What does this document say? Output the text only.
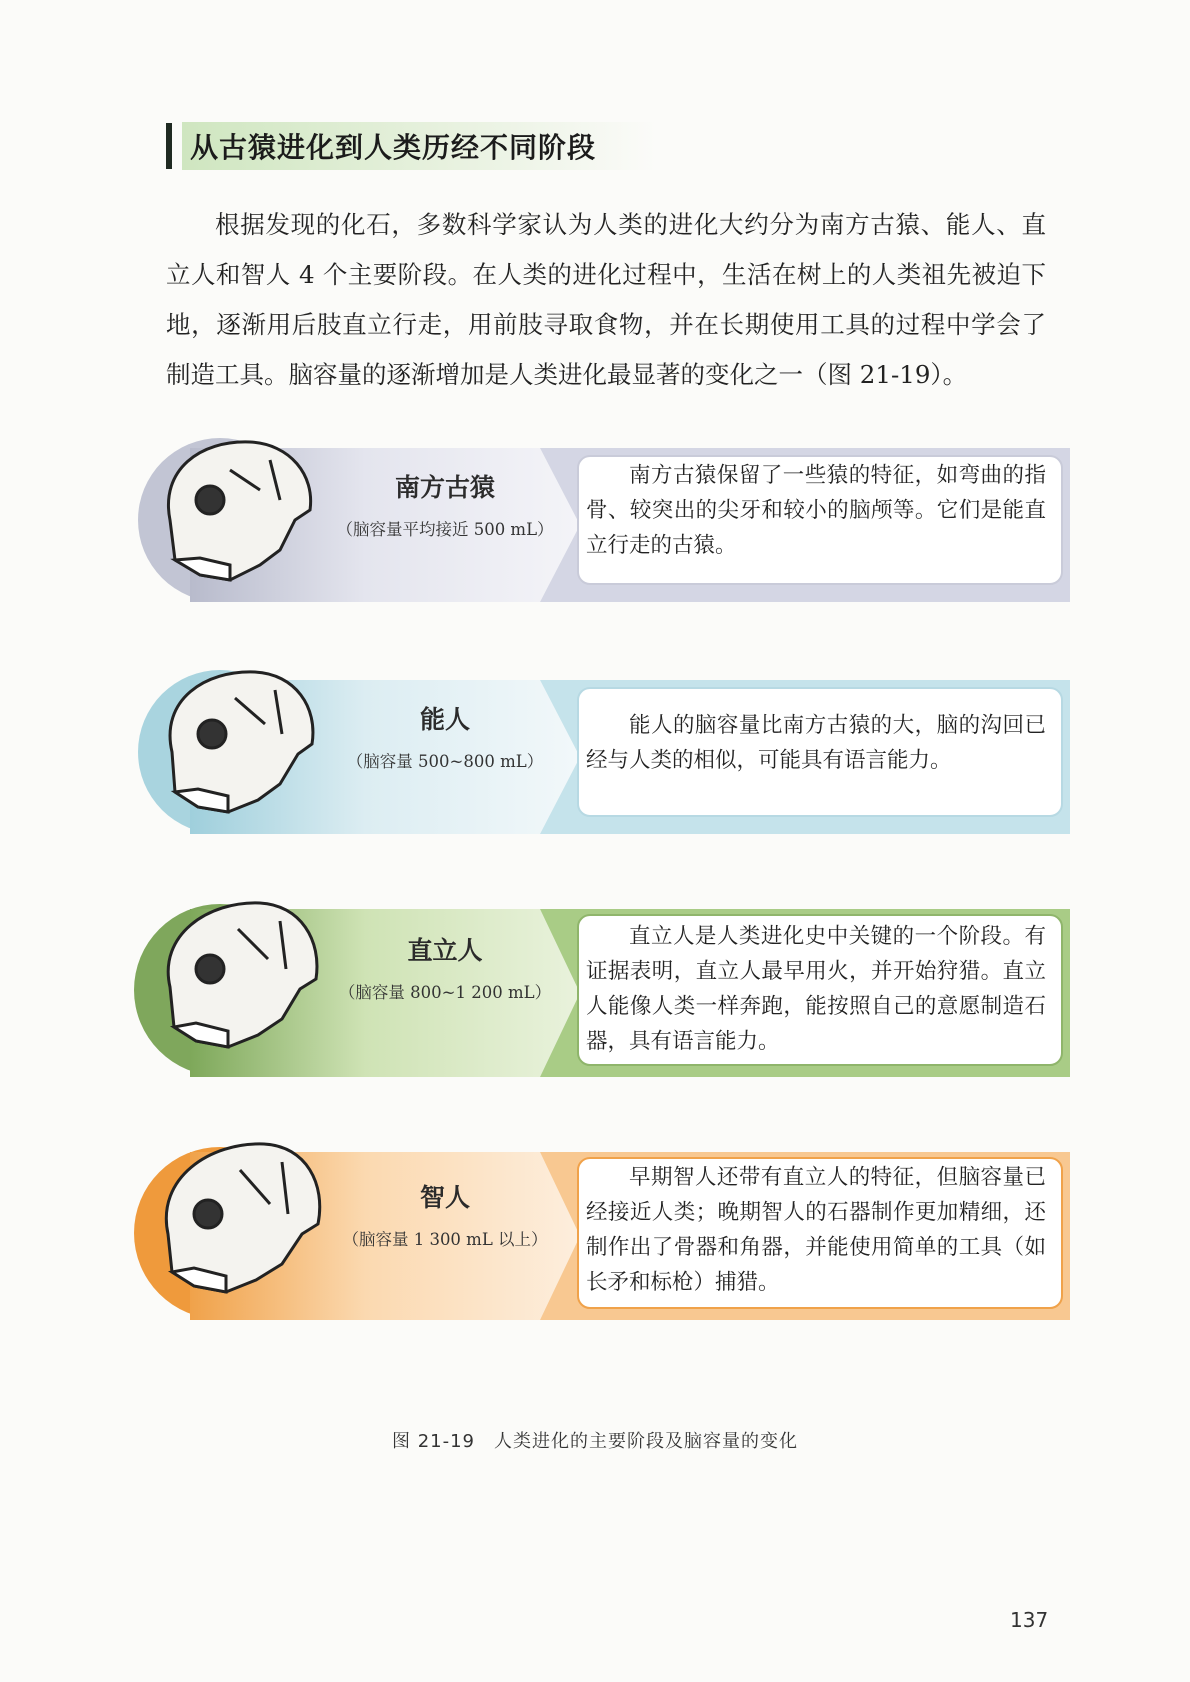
从古猿进化到人类历经不同阶段
根据发现的化石，多数科学家认为人类的进化大约分为南方古猿、能人、直立人和智人 4 个主要阶段。在人类的进化过程中，生活在树上的人类祖先被迫下地，逐渐用后肢直立行走，用前肢寻取食物，并在长期使用工具的过程中学会了制造工具。脑容量的逐渐增加是人类进化最显著的变化之一（图 21-19）。
南方古猿
（脑容量平均接近 500 mL）
南方古猿保留了一些猿的特征，如弯曲的指骨、较突出的尖牙和较小的脑颅等。它们是能直立行走的古猿。
能人
（脑容量 500~800 mL）
能人的脑容量比南方古猿的大，脑的沟回已经与人类的相似，可能具有语言能力。
直立人
（脑容量 800~1 200 mL）
直立人是人类进化史中关键的一个阶段。有证据表明，直立人最早用火，并开始狩猎。直立人能像人类一样奔跑，能按照自己的意愿制造石器，具有语言能力。
智人
（脑容量 1 300 mL 以上）
早期智人还带有直立人的特征，但脑容量已经接近人类；晚期智人的石器制作更加精细，还制作出了骨器和角器，并能使用简单的工具（如长矛和标枪）捕猎。
图 21-19　人类进化的主要阶段及脑容量的变化
137
